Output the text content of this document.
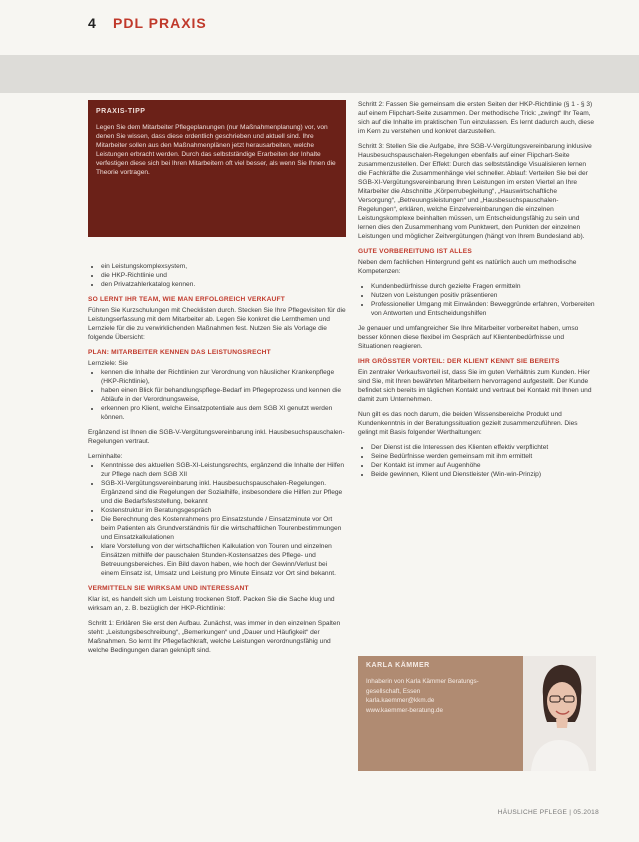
4 PDL PRAXIS
PRAXIS-TIPP
Legen Sie dem Mitarbeiter Pflegeplanungen (nur Maßnahmenplanung) vor, von denen Sie wissen, dass diese ordentlich geschrieben und aktuell sind. Ihre Mitarbeiter sollen aus den Maßnahmenplänen jetzt herausarbeiten, welche Leistungen erbracht werden. Durch das selbstständige Erarbeiten der Inhalte verfestigen diese sich bei Ihren Mitarbeitern oft viel besser, als wenn Sie Ihnen die Theorie vortragen.
• ein Leistungskomplexsystem,
• die HKP-Richtlinie und
• den Privatzahlerkatalog kennen.
SO LERNT IHR TEAM, WIE MAN ERFOLGREICH VERKAUFT

Führen Sie Kurzschulungen mit Checklisten durch. Stecken Sie Ihre Pflegevisiten für die Leistungserfassung mit dem Mitarbeiter ab. Legen Sie konkret die Lernthemen und Lernziele für die zu verwirklichenden Maßnahmen fest. Nutzen Sie als Vorlage die folgende Übersicht:

PLAN: MITARBEITER KENNEN DAS LEISTUNGSRECHT
Lernziele: Sie
• kennen die Inhalte der Richtlinien zur Verordnung von häuslicher Krankenpflege (HKP-Richtlinie),
• haben einen Blick für behandlungspflege-Bedarf im Pflegeprozess und kennen die Abläufe in der Verordnungsweise,
• erkennen pro Klient, welche Einsatzpotentiale aus dem SGB XI genutzt werden können.

Ergänzend ist Ihnen die SGB-V-Vergütungsvereinbarung inkl. Hausbesuchspauschalen-Regelungen vertraut.

Lerninhalte:
• Kenntnisse des aktuellen SGB-XI-Leistungsrechts, ergänzend die Inhalte der Hilfen zur Pflege nach dem SGB XII
• SGB-XI-Vergütungsvereinbarung inkl. Hausbesuchspauschalen-Regelungen. Ergänzend sind die Regelungen der Sozialhilfe, insbesondere die Hilfen zur Pflege und die Bedarfsfeststellung, bekannt
• Kostenstruktur im Beratungsgespräch
• Die Berechnung des Kostenrahmens pro Einsatzstunde / Einsatzminute vor Ort beim Patienten als Grundverständnis für die wirtschaftlichen Tourenbestimmungen und Einsatzkalkulationen
• klare Vorstellung von der wirtschaftlichen Kalkulation von Touren und einzelnen Einsätzen mithilfe der pauschalen Stunden-Kostensatzes des Pflege- und Betreuungsbereiches. Ein Bild davon haben, wie hoch der Gewinn/Verlust bei einem Einsatz ist, Umsatz und Leistung pro Minute Einsatz vor Ort sind bekannt.
VERMITTELN SIE WIRKSAM UND INTERESSANT

Klar ist, es handelt sich um Leistung trockenen Stoff. Packen Sie die Sache klug und wirksam an, z. B. bezüglich der HKP-Richtlinie:

Schritt 1: Erklären Sie erst den Aufbau. Zunächst, was immer in den einzelnen Spalten steht: „Leistungsbeschreibung“, „Bemerkungen“ und „Dauer und Häufigkeit“ der Maßnahmen. So lernt Ihr Pflegefachkraft, welche Leistungen verordnungsfähig und welche Bedingungen daran geknüpft sind.

Schritt 2: Fassen Sie gemeinsam die ersten Seiten der HKP-Richtlinie (§ 1 - § 3) auf einem Flipchart-Seite zusammen. Der methodische Trick: „zwingt“ Ihr Team, sich auf die Inhalte im praktischen Tun einzulassen. Es lernt dadurch auch, diese im Kern zu verstehen und konkret darzustellen.

Schritt 3: Stellen Sie die Aufgabe, ihre SGB-V-Vergütungsvereinbarung inklusive Hausbesuchspauschalen-Regelungen ebenfalls auf einer Flipchart-Seite zusammenzustellen. Der Effekt: Durch das selbstständige Visualisieren lernen die Fachkräfte die Zusammenhänge viel schneller. Ablauf: Verteilen Sie bei der SGB-XI-Vergütungsvereinbarung Ihren Leistungen im ersten Viertel an Ihre Mitarbeiter die Abschnitte „Körperrubegleitung“, „Hauswirtschaftliche Versorgung“, „Betreuungsleistungen“ und „Hausbesuchspauschalen-Regelungen“, erklären, welche Einzelvereinbarungen die einzelnen Leistungskomplexe beinhalten müssen, um Entscheidungsfähig zu sein und lernen dies den Zusammenhang vom Punktwert, den Punkten der einzelnen Leistungen und möglicher Zeitvergütungen (hängt von Ihrem Bundesland ab).

GUTE VORBEREITUNG IST ALLES

Neben dem fachlichen Hintergrund geht es natürlich auch um methodische Kompetenzen:

• Kundenbedürfnisse durch gezielte Fragen ermitteln
• Nutzen von Leistungen positiv präsentieren
• Professioneller Umgang mit Einwänden: Beweggründe erfahren, Vorbereiten von Antworten und Entscheidungshilfen

Je genauer und umfangreicher Sie Ihre Mitarbeiter vorbereitet haben, umso besser können diese flexibel im Gespräch auf Klientenbedürfnisse und Situationen reagieren.

IHR GRÖSSTER VORTEIL: DER KLIENT KENNT SIE BEREITS

Ein zentraler Verkaufsvorteil ist, dass Sie im guten Verhältnis zum Kunden. Hier sind Sie, mit Ihren bewährten Mitarbeitern hervorragend aufgestellt. Der Kunde befindet sich bereits im täglichen Kontakt und vertraut bei Kontakt mit Ihnen und damit zum Unternehmen.

Nun gilt es das noch darum, die beiden Wissensbereiche Produkt und Kundenkenntnis in der Beratungssituation gezielt zusammenzuführen. Dies gelingt mit Basis folgender Werthaltungen:

• Der Dienst ist die Interessen des Klienten effektiv verpflichtet
• Seine Bedürfnisse werden gemeinsam mit ihm ermittelt
• Der Kontakt ist immer auf Augenhöhe
• Beide gewinnen, Klient und Dienstleister (Win-win-Prinzip)
KARLA KÄMMER
Inhaberin von Karla Kämmer Beratungs-
gesellschaft, Essen
karla.kaemmer@kkm.de
www.kaemmer-beratung.de
HÄUSLICHE PFLEGE | 05.2018
